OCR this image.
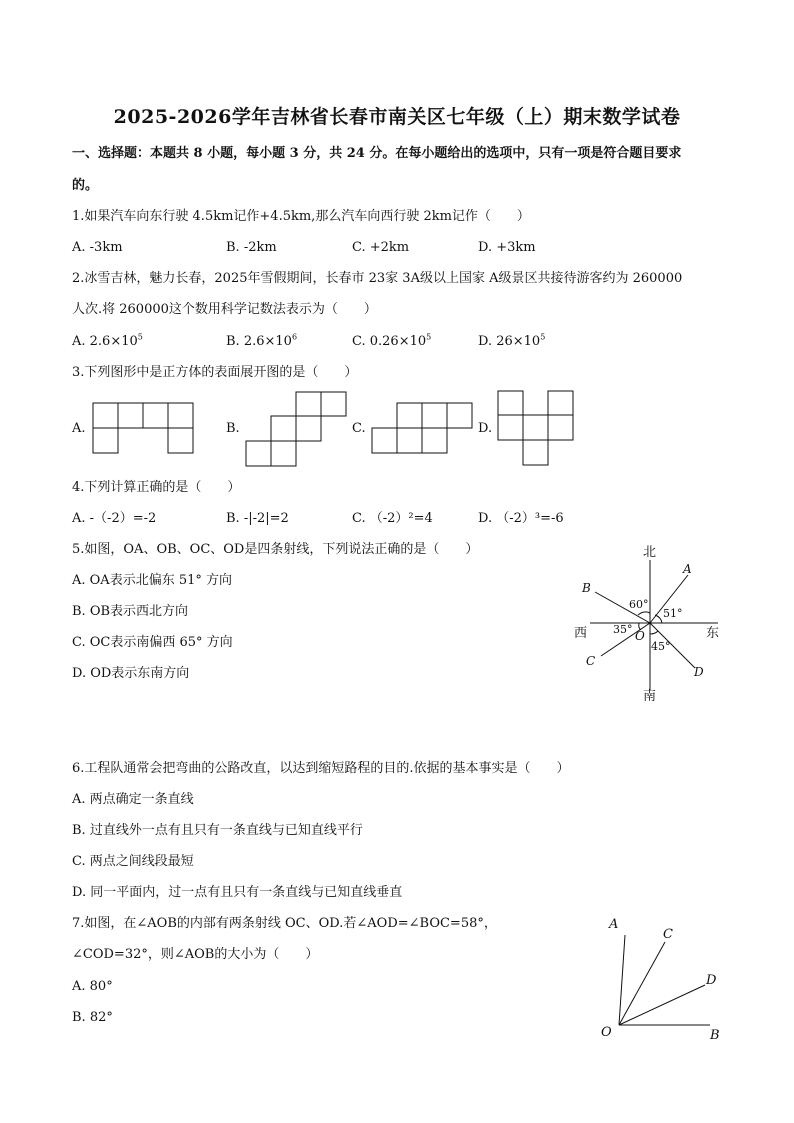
2025-2026学年吉林省长春市南关区七年级（上）期末数学试卷
一、选择题：本题共 8 小题，每小题 3 分，共 24 分。在每小题给出的选项中，只有一项是符合题目要求
的。
1.如果汽车向东行驶 4.5km记作+4.5km,那么汽车向西行驶 2km记作（　　）
A. -3km	B. -2km	C. +2km	D. +3km
2.冰雪吉林，魅力长春，2025年雪假期间，长春市 23家 3A级以上国家 A级景区共接待游客约为 260000
人次.将 260000这个数用科学记数法表示为（　　）
A. $2.6\times 10^5$	B. $2.6\times 10^6$	C. $0.26\times 10^5$	D. $26\times 10^5$
3.下列图形中是正方体的表面展开图的是（　　）
A.	B.	C.	D.
北
南
西	东
A
B
C
D
O
60°
51°
35°
45°
A
C
D
O	B
4.下列计算正确的是（　　）
A. -（-2）=-2	B. -|-2|=2	C. （-2）²=4	D. （-2）³=-6
5.如图，OA、OB、OC、OD是四条射线，下列说法正确的是（　　）
A. OA表示北偏东 51° 方向
B. OB表示西北方向
C. OC表示南偏西 65° 方向
D. OD表示东南方向
6.工程队通常会把弯曲的公路改直，以达到缩短路程的目的.依据的基本事实是（　　）
A. 两点确定一条直线
B. 过直线外一点有且只有一条直线与已知直线平行
C. 两点之间线段最短
D. 同一平面内，过一点有且只有一条直线与已知直线垂直
7.如图，在∠AOB的内部有两条射线 OC、OD.若∠AOD=∠BOC=58°，
∠COD=32°，则∠AOB的大小为（　　）
A. 80°
B. 82°
